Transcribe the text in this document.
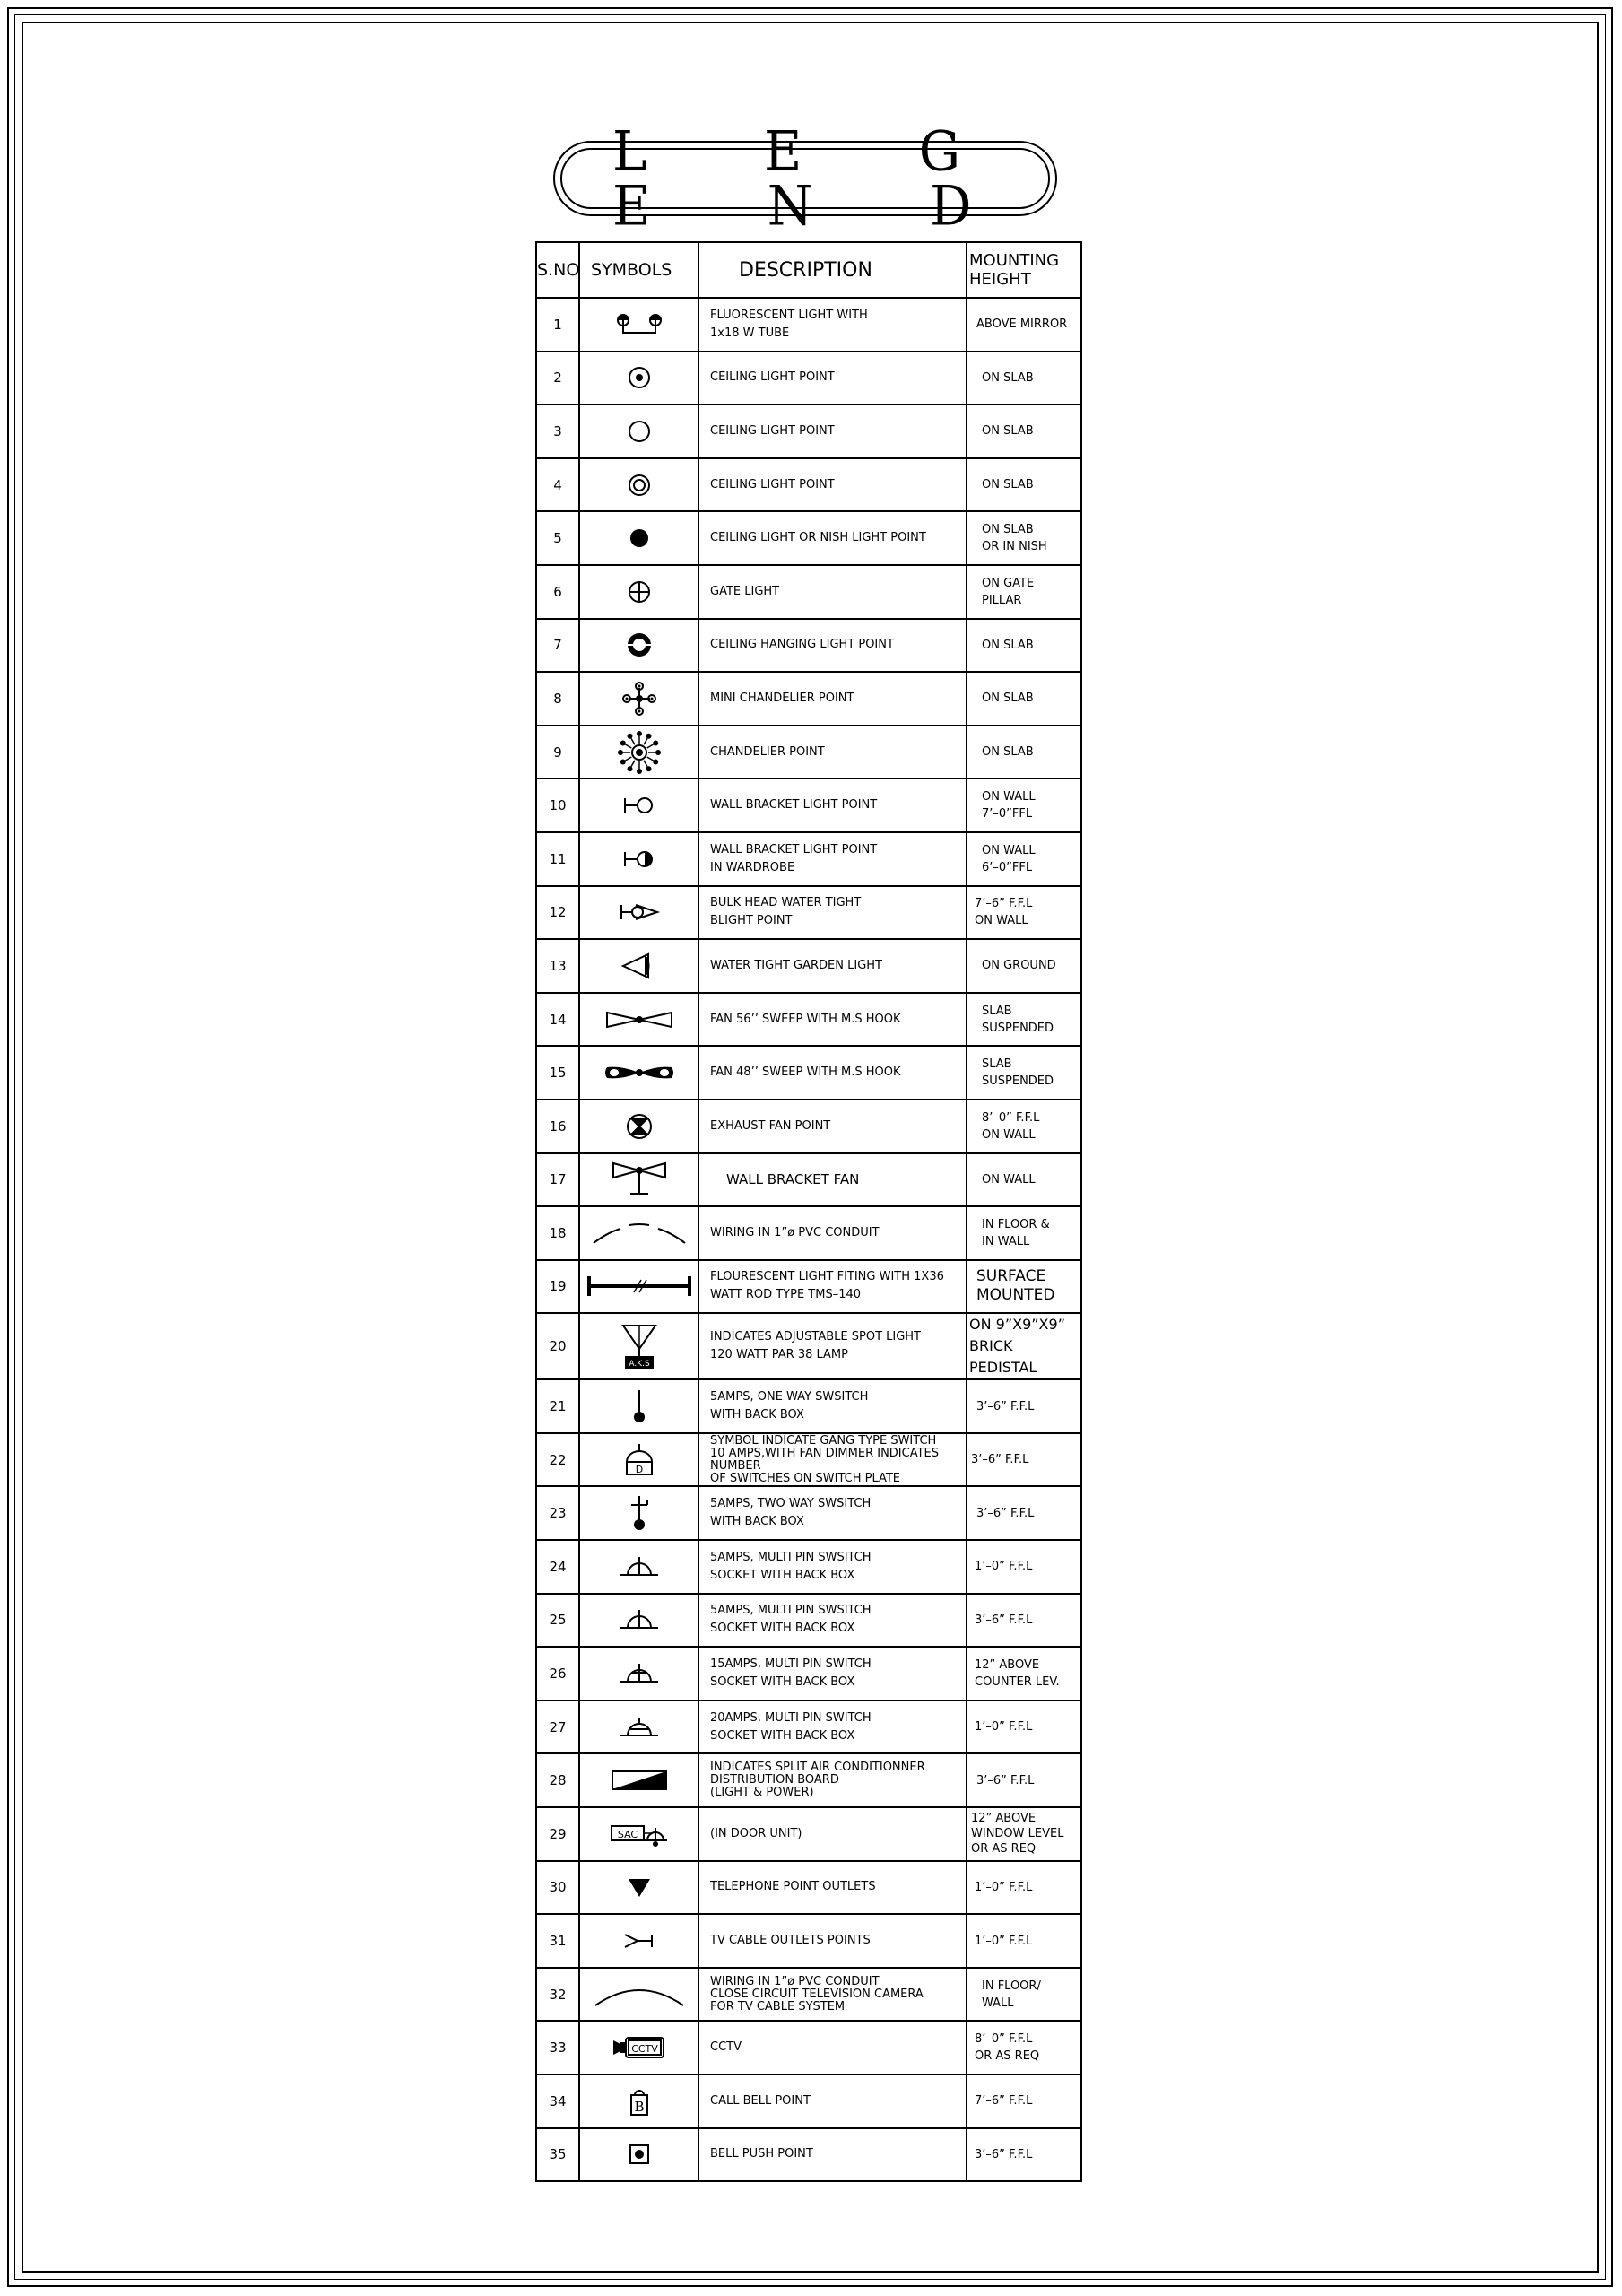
L E G E N D
S.NO	SYMBOLS	DESCRIPTION	MOUNTING
HEIGHT
1		FLUORESCENT LIGHT WITH
1x18 W TUBE	ABOVE MIRROR
2		CEILING LIGHT POINT	ON SLAB
3		CEILING LIGHT POINT	ON SLAB
4		CEILING LIGHT POINT	ON SLAB
5		CEILING LIGHT OR NISH LIGHT POINT	ON SLAB
OR IN NISH
6		GATE LIGHT	ON GATE
PILLAR
7		CEILING HANGING LIGHT POINT	ON SLAB
8		MINI CHANDELIER POINT	ON SLAB
9		CHANDELIER POINT	ON SLAB
10		WALL BRACKET LIGHT POINT	ON WALL
7’–0”FFL
11		WALL BRACKET LIGHT POINT
IN WARDROBE	ON WALL
6’–0”FFL
12		BULK HEAD WATER TIGHT
BLIGHT POINT	7’–6” F.F.L
ON WALL
13		WATER TIGHT GARDEN LIGHT	ON GROUND
14		FAN 56’’ SWEEP WITH M.S HOOK	SLAB
SUSPENDED
15		FAN 48’’ SWEEP WITH M.S HOOK	SLAB
SUSPENDED
16		EXHAUST FAN POINT	8’–0” F.F.L
ON WALL
17		WALL BRACKET FAN	ON WALL
18		WIRING IN 1”ø PVC CONDUIT	IN FLOOR &
IN WALL
19		FLOURESCENT LIGHT FITING WITH 1X36
WATT ROD TYPE TMS–140	SURFACE
MOUNTED
20	A.K.S	INDICATES ADJUSTABLE SPOT LIGHT
120 WATT PAR 38 LAMP	ON 9”X9”X9”
BRICK PEDISTAL
21		5AMPS, ONE WAY SWSITCH
WITH BACK BOX	3’–6” F.F.L
22	D	SYMBOL INDICATE GANG TYPE SWITCH
10 AMPS,WITH FAN DIMMER INDICATES NUMBER
OF SWITCHES ON SWITCH PLATE	3’–6” F.F.L
23		5AMPS, TWO WAY SWSITCH
WITH BACK BOX	3’–6” F.F.L
24		5AMPS, MULTI PIN SWSITCH
SOCKET WITH BACK BOX	1’–0” F.F.L
25		5AMPS, MULTI PIN SWSITCH
SOCKET WITH BACK BOX	3’–6” F.F.L
26		15AMPS, MULTI PIN SWITCH
SOCKET WITH BACK BOX	12” ABOVE
COUNTER LEV.
27		20AMPS, MULTI PIN SWITCH
SOCKET WITH BACK BOX	1’–0” F.F.L
28		INDICATES SPLIT AIR CONDITIONNER
DISTRIBUTION BOARD
(LIGHT & POWER)	3’–6” F.F.L
29	SAC	(IN DOOR UNIT)	12” ABOVE
WINDOW LEVEL
OR AS REQ
30		TELEPHONE POINT OUTLETS	1’–0” F.F.L
31		TV CABLE OUTLETS POINTS	1’–0” F.F.L
32		WIRING IN 1”ø PVC CONDUIT
CLOSE CIRCUIT TELEVISION CAMERA
FOR TV CABLE SYSTEM	IN FLOOR/
WALL
33	CCTV	CCTV	8’–0” F.F.L
OR AS REQ
34	B	CALL BELL POINT	7’–6” F.F.L
35		BELL PUSH POINT	3’–6” F.F.L
